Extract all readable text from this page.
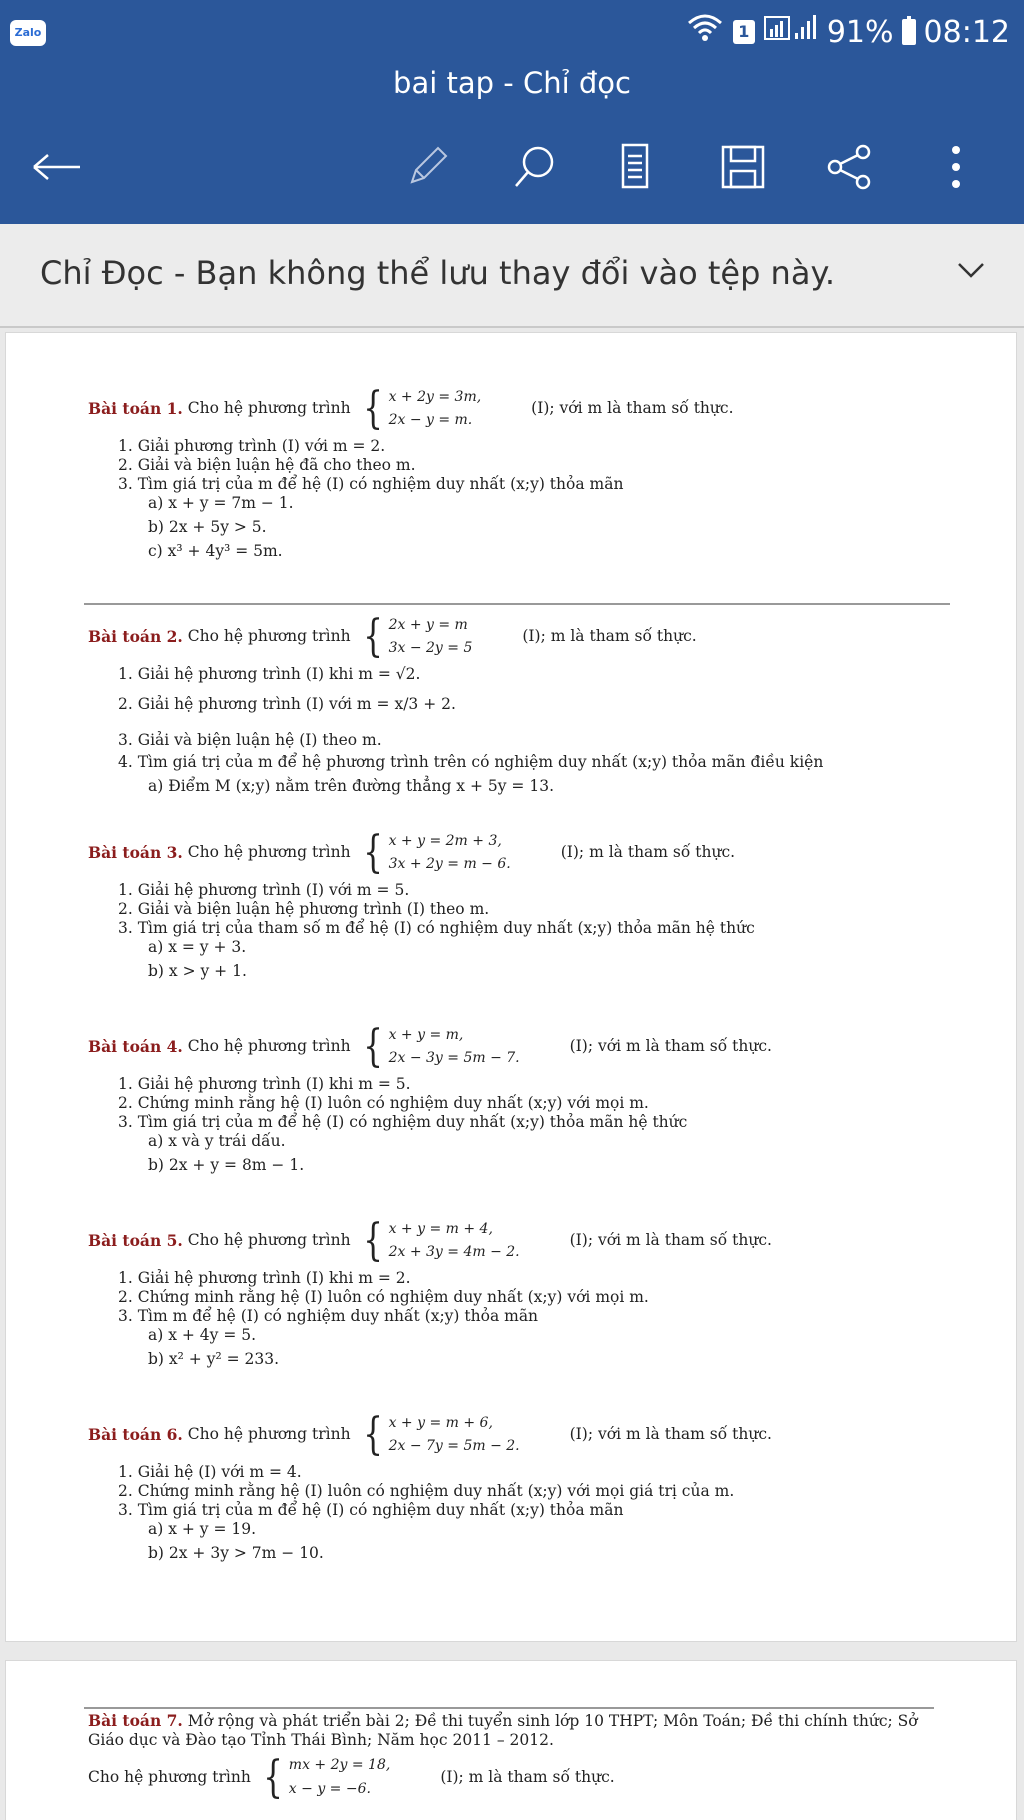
Zalo	1	91% 08:12
bai tap - Chỉ đọc
Chỉ Đọc - Bạn không thể lưu thay đổi vào tệp này.
Bài toán 1.
Cho hệ phương trình { x + 2y = 3m,
2x − y = m.
(I); với m là tham số thực.
1. Giải phương trình (I) với m = 2.
2. Giải và biện luận hệ đã cho theo m.
3. Tìm giá trị của m để hệ (I) có nghiệm duy nhất (x;y) thỏa mãn
a) x + y = 7m − 1.
b) 2x + 5y > 5.
c) x³ + 4y³ = 5m.
Bài toán 2.
Cho hệ phương trình { 2x + y = m
3x − 2y = 5
(I); m là tham số thực.
1. Giải hệ phương trình (I) khi m = √2.
2. Giải hệ phương trình (I) với m = x/3 + 2.
3. Giải và biện luận hệ (I) theo m.
4. Tìm giá trị của m để hệ phương trình trên có nghiệm duy nhất (x;y) thỏa mãn điều kiện
a) Điểm M (x;y) nằm trên đường thẳng x + 5y = 13.
Bài toán 3.
Cho hệ phương trình { x + y = 2m + 3,
3x + 2y = m − 6.
(I); m là tham số thực.
1. Giải hệ phương trình (I) với m = 5.
2. Giải và biện luận hệ phương trình (I) theo m.
3. Tìm giá trị của tham số m để hệ (I) có nghiệm duy nhất (x;y) thỏa mãn hệ thức
a) x = y + 3.
b) x > y + 1.
Bài toán 4.
Cho hệ phương trình { x + y = m,
2x − 3y = 5m − 7.
(I); với m là tham số thực.
1. Giải hệ phương trình (I) khi m = 5.
2. Chứng minh rằng hệ (I) luôn có nghiệm duy nhất (x;y) với mọi m.
3. Tìm giá trị của m để hệ (I) có nghiệm duy nhất (x;y) thỏa mãn hệ thức
a) x và y trái dấu.
b) 2x + y = 8m − 1.
Bài toán 5.
Cho hệ phương trình { x + y = m + 4,
2x + 3y = 4m − 2.
(I); với m là tham số thực.
1. Giải hệ phương trình (I) khi m = 2.
2. Chứng minh rằng hệ (I) luôn có nghiệm duy nhất (x;y) với mọi m.
3. Tìm m để hệ (I) có nghiệm duy nhất (x;y) thỏa mãn
a) x + 4y = 5.
b) x² + y² = 233.
Bài toán 6.
Cho hệ phương trình { x + y = m + 6,
2x − 7y = 5m − 2.
(I); với m là tham số thực.
1. Giải hệ (I) với m = 4.
2. Chứng minh rằng hệ (I) luôn có nghiệm duy nhất (x;y) với mọi giá trị của m.
3. Tìm giá trị của m để hệ (I) có nghiệm duy nhất (x;y) thỏa mãn
a) x + y = 19.
b) 2x + 3y > 7m − 10.
Bài toán 7. Mở rộng và phát triển bài 2; Đề thi tuyển sinh lớp 10 THPT; Môn Toán; Đề thi chính thức; Sở
Giáo dục và Đào tạo Tỉnh Thái Bình; Năm học 2011 – 2012.
Cho hệ phương trình { mx + 2y = 18,
x − y = −6.
(I); m là tham số thực.
